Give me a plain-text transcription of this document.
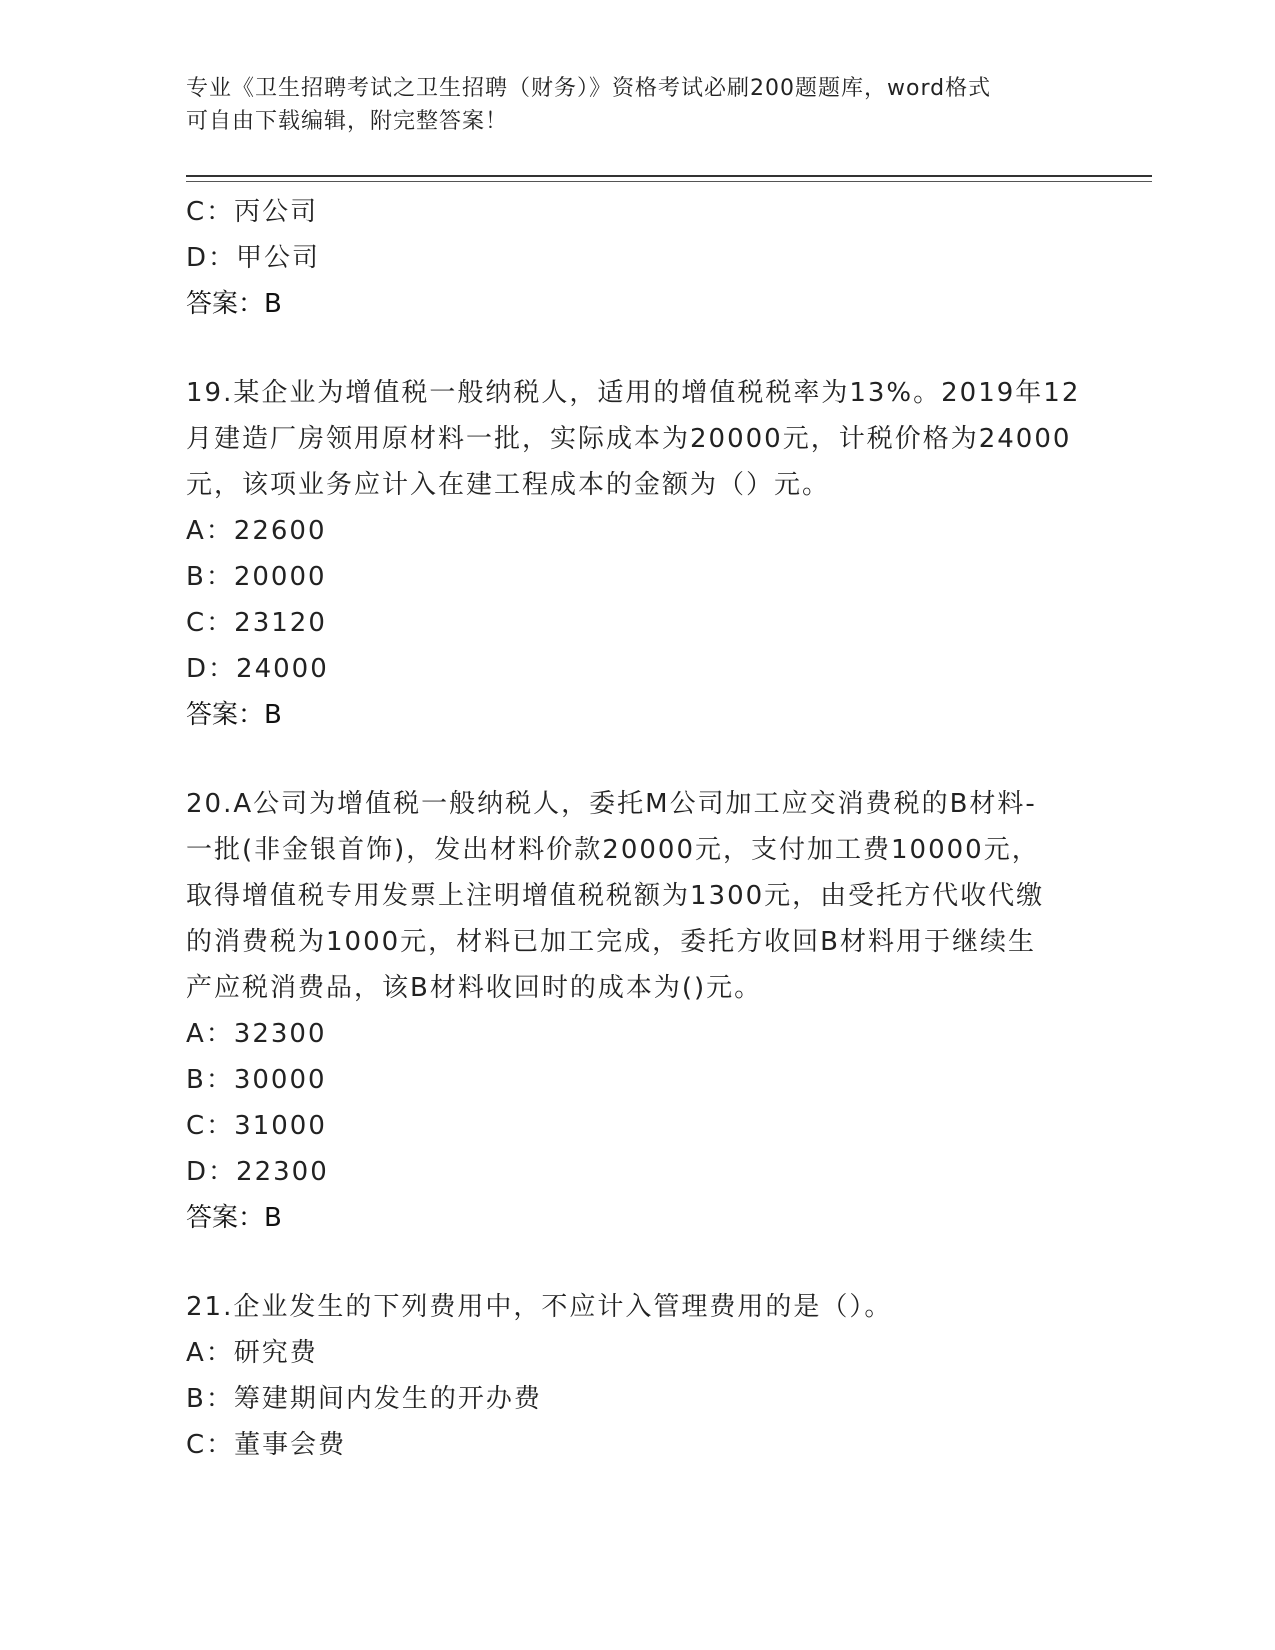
专业《卫生招聘考试之卫生招聘（财务）》资格考试必刷200题题库，word格式
可自由下载编辑，附完整答案！
C：丙公司
D：甲公司
答案：B
19.某企业为增值税一般纳税人，适用的增值税税率为13%。2019年12
月建造厂房领用原材料一批，实际成本为20000元，计税价格为24000
元，该项业务应计入在建工程成本的金额为（）元。
A：22600
B：20000
C：23120
D：24000
答案：B
20.A公司为增值税一般纳税人，委托M公司加工应交消费税的B材料-
一批(非金银首饰)，发出材料价款20000元，支付加工费10000元，
取得增值税专用发票上注明增值税税额为1300元，由受托方代收代缴
的消费税为1000元，材料已加工完成，委托方收回B材料用于继续生
产应税消费品，该B材料收回时的成本为()元。
A：32300
B：30000
C：31000
D：22300
答案：B
21.企业发生的下列费用中，不应计入管理费用的是（）。
A：研究费
B：筹建期间内发生的开办费
C：董事会费
